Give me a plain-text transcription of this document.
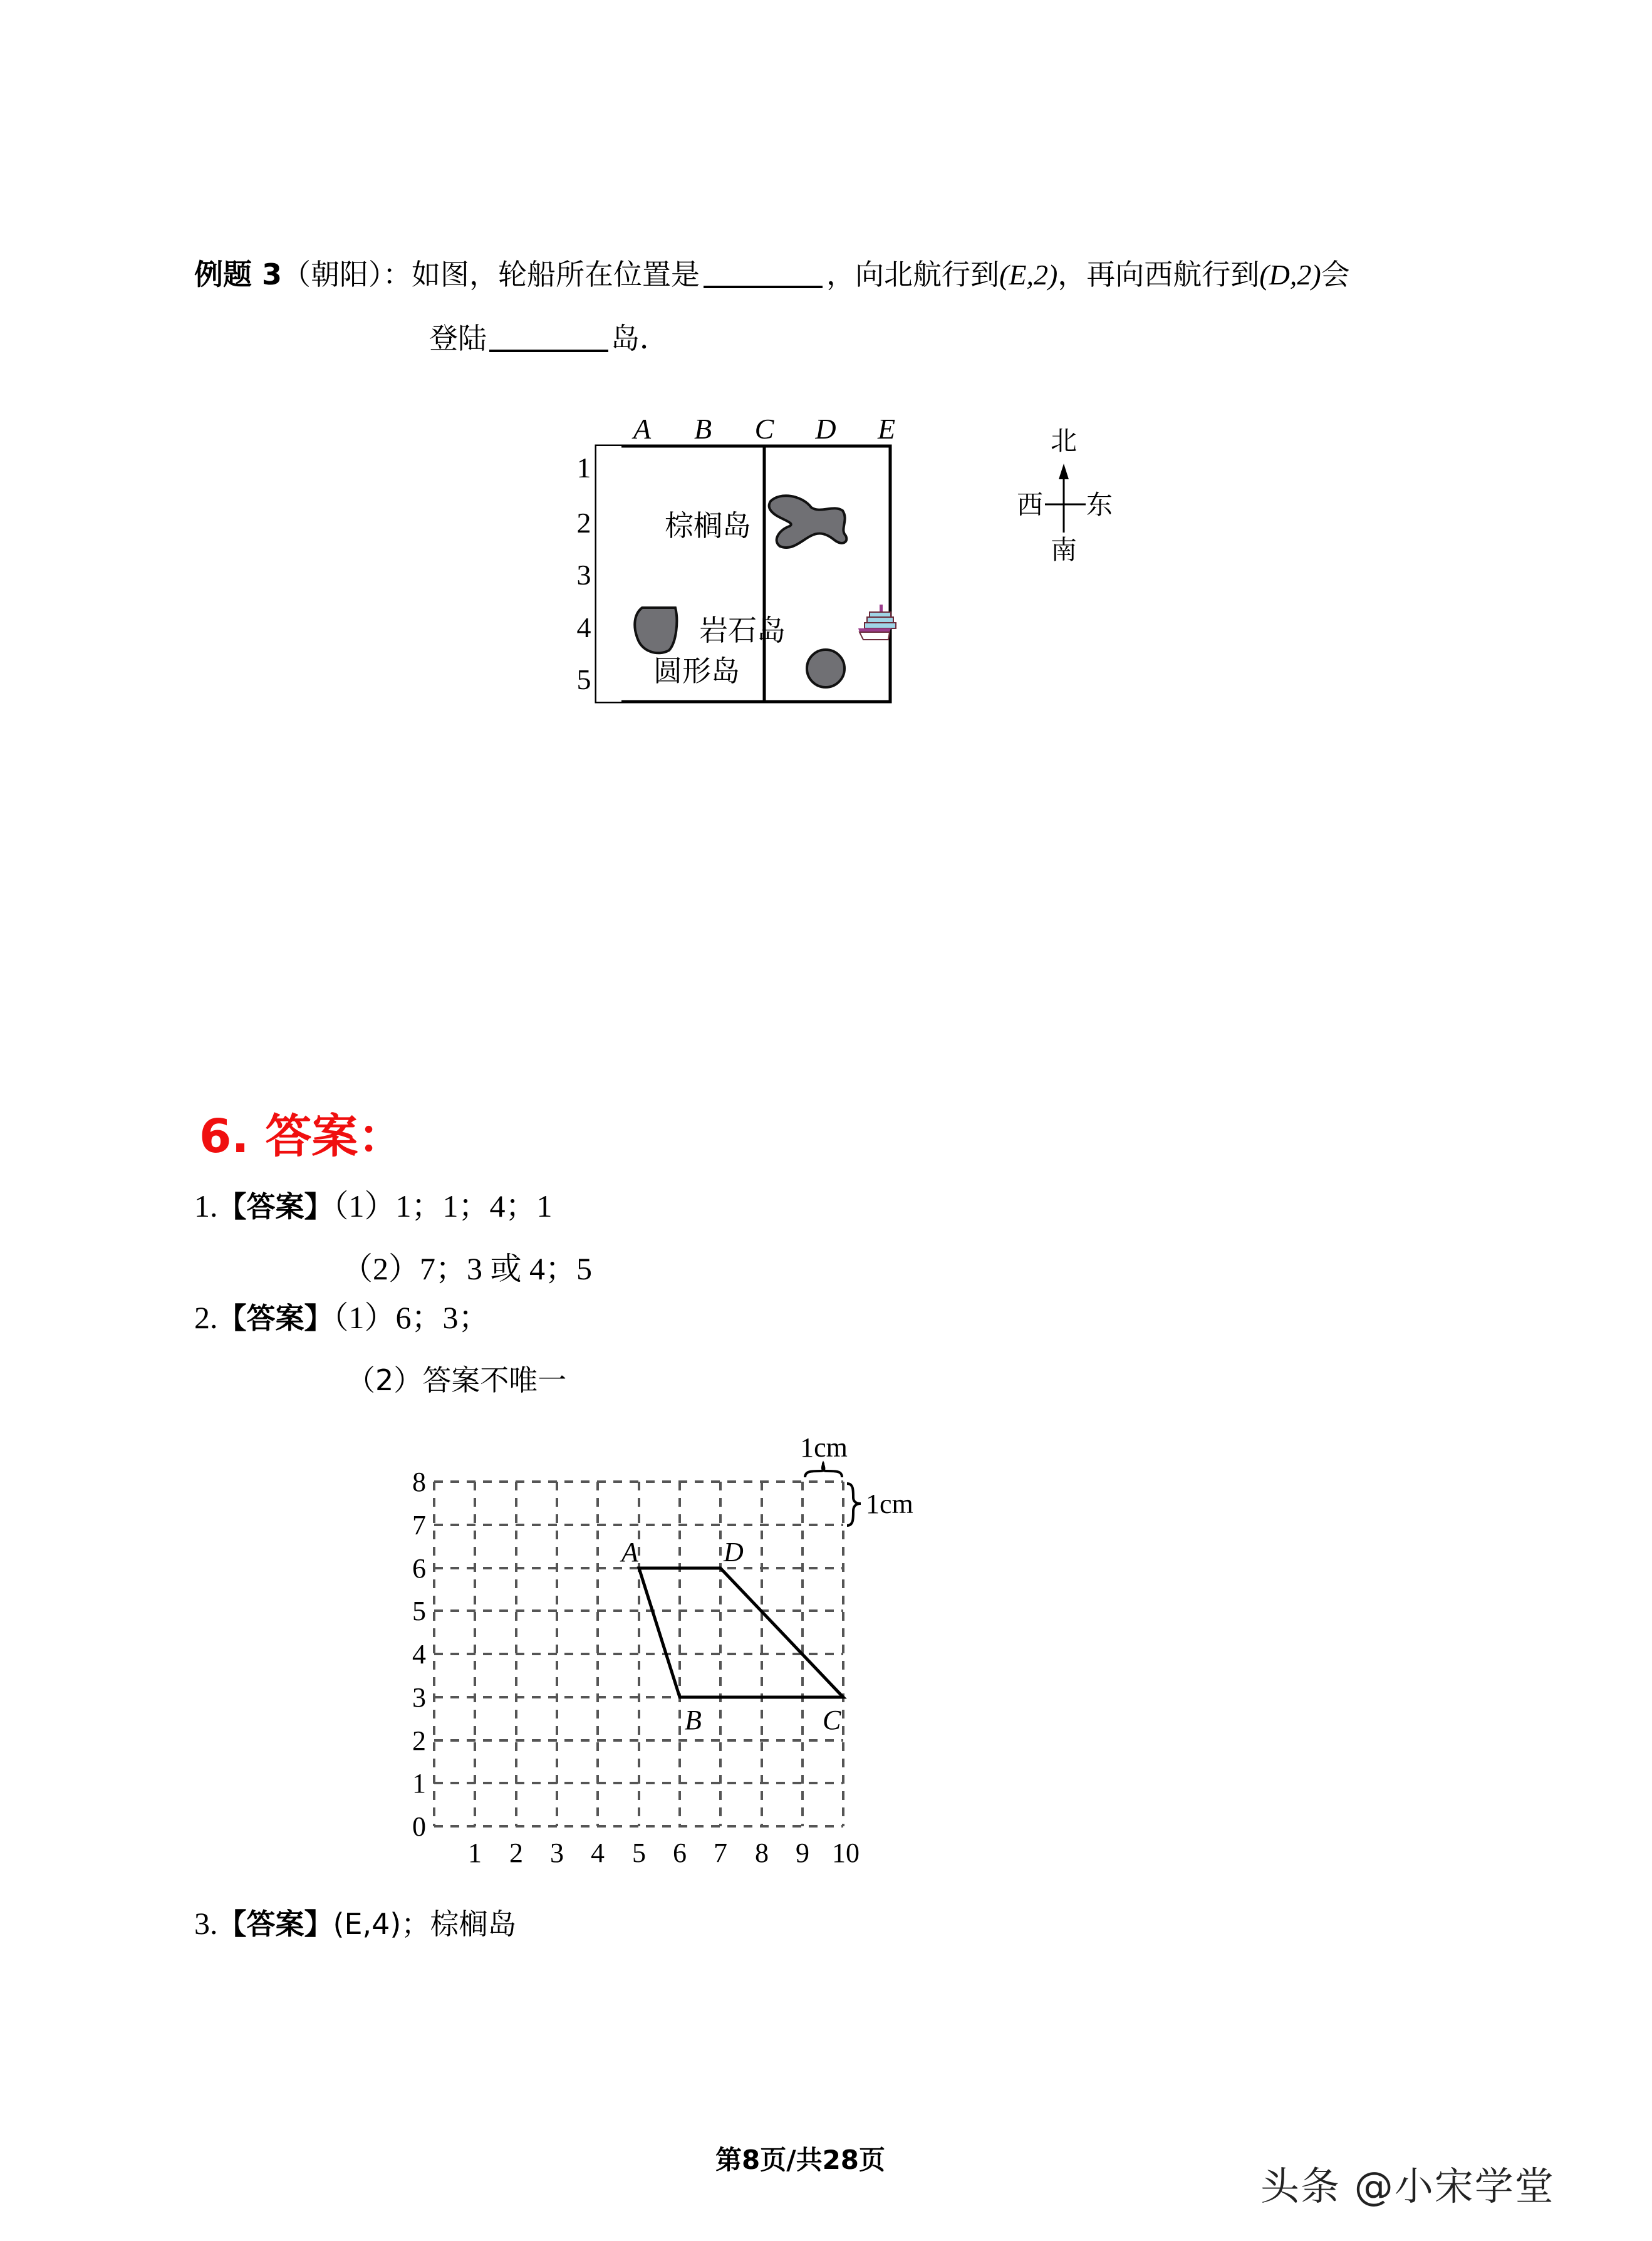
例题 3（朝阳）：如图，轮船所在位置是	，向北航行到(E,2)，再向西航行到(D,2)会
登陆	岛．
A B C D E
1
2
3
4
5
棕榈岛
岩石岛
圆形岛
北
南
西 东
6. 答案：
1.【答案】（1）1；1；4；1
（2）7；3 或 4；5
2.【答案】（1）6；3；
（2）答案不唯一
0
1
2
3
4
5
6
7
8
1 2 3 4 5 6 7 8 9 10
A
B	C
D
1cm
1cm
3.【答案】(E,4)；棕榈岛
第8页/共28页
头条 @小宋学堂
